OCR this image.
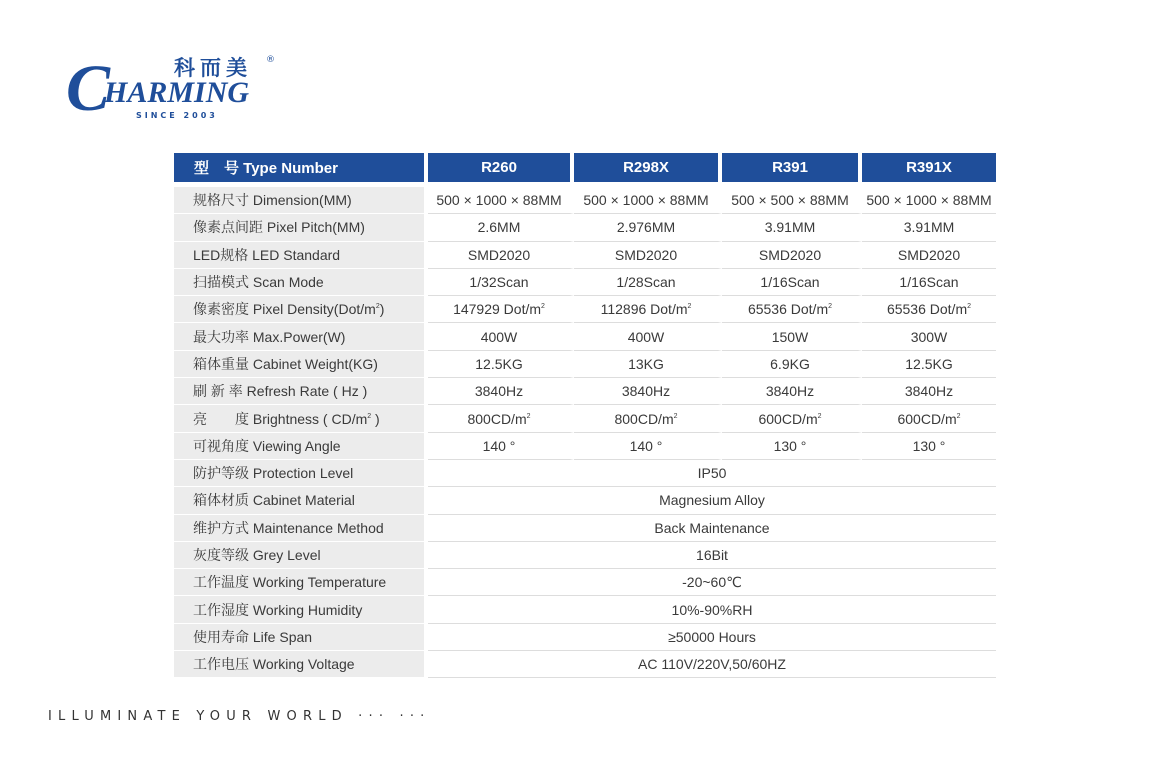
C
HARMING
科而美 ®
SINCE 2003
型　号 Type Number	R260	R298X	R391	R391X

规格尺寸 Dimension(MM)	500 × 1000 × 88MM	500 × 1000 × 88MM	500 × 500 × 88MM	500 × 1000 × 88MM
像素点间距 Pixel Pitch(MM)	2.6MM	2.976MM	3.91MM	3.91MM
LED规格 LED Standard	SMD2020	SMD2020	SMD2020	SMD2020
扫描模式 Scan Mode	1/32Scan	1/28Scan	1/16Scan	1/16Scan
像素密度 Pixel $Density(Dot/m^2)$	147929 Dot/$m^2$	112896 Dot/$m^2$	65536 Dot/$m^2$	65536 Dot/$m^2$
最大功率 Max.Power(W)	400W	400W	150W	300W
箱体重量 Cabinet Weight(KG)	12.5KG	13KG	6.9KG	12.5KG
刷 新 率 Refresh Rate ( Hz )	3840Hz	3840Hz	3840Hz	3840Hz
亮　　度 Brightness ( $CD/m^2$ )	$800CD/m^2$	$800CD/m^2$	$600CD/m^2$	$600CD/m^2$
可视角度 Viewing Angle	140 °	140 °	130 °	130 °
防护等级 Protection Level	IP50			
箱体材质 Cabinet Material	Magnesium Alloy			
维护方式 Maintenance Method	Back Maintenance			
灰度等级 Grey Level	16Bit			
工作温度 Working Temperature	-20~60℃			
工作湿度 Working Humidity	10%-90%RH			
使用寿命 Life Span	≥50000 Hours			
工作电压 Working Voltage	AC 110V/220V,50/60HZ			
ILLUMINATE YOUR WORLD ··· ···
